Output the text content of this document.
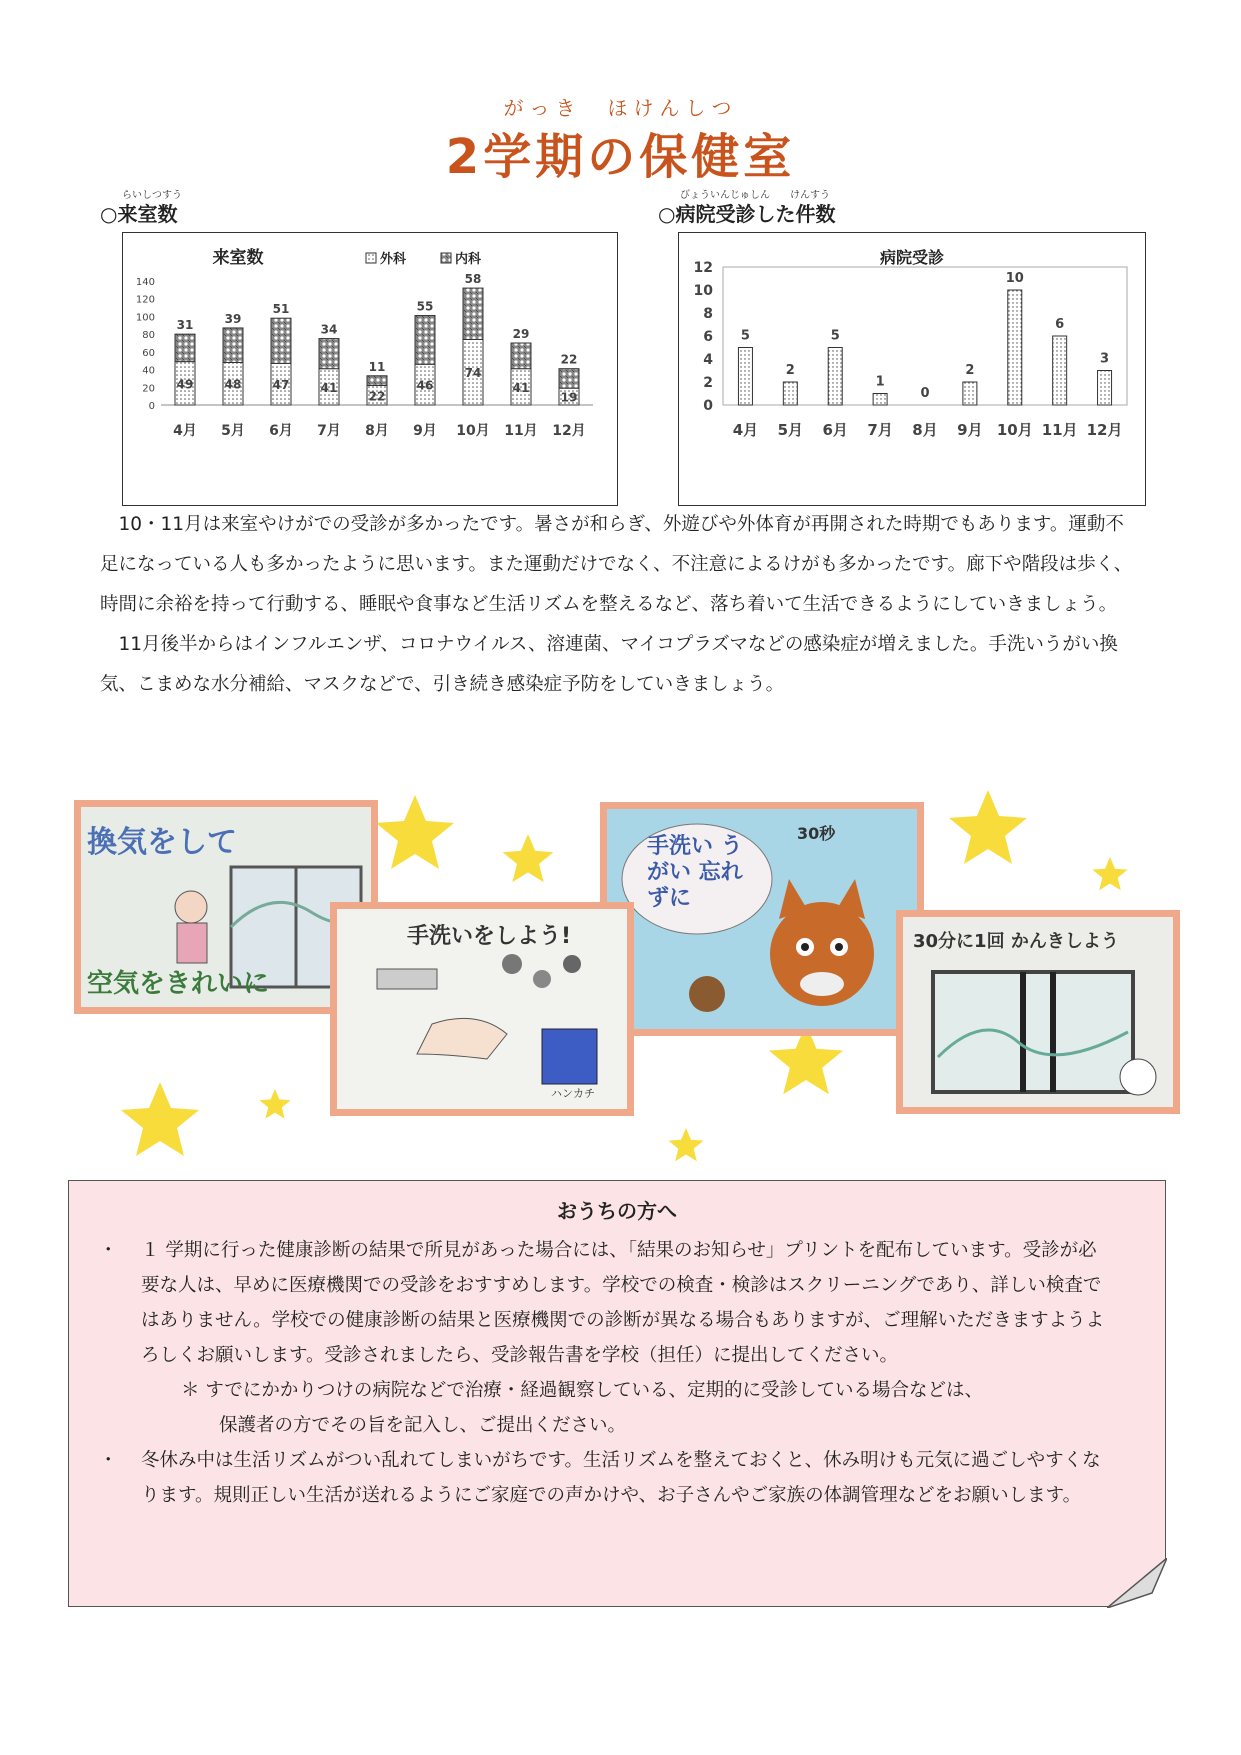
がっき　ほけんしつ
2学期の保健室
らいしつすう
○来室数
びょういんじゅしん　　けんすう
○病院受診した件数
来室数	外科	内科
0
20
40
60
80
100
120
140
49
31
4月
48
39
5月
47
51
6月
41
34
7月
22
11
8月
46
55
9月
74
58
10月
41
29
11月
19
22
12月
病院受診
0
2
4
6
8
10
12
5
4月
2
5月
5
6月
1
7月
0
8月
2
9月
10
10月
6
11月
3
12月

10・11月は来室やけがでの受診が多かったです。暑さが和らぎ、外遊びや外体育が再開された時期でもあります。運動不足になっている人も多かったように思います。また運動だけでなく、不注意によるけがも多かったです。廊下や階段は歩く、時間に余裕を持って行動する、睡眠や食事など生活リズムを整えるなど、落ち着いて生活できるようにしていきましょう。

11月後半からはインフルエンザ、コロナウイルス、溶連菌、マイコプラズマなどの感染症が増えました。手洗いうがい換気、こまめな水分補給、マスクなどで、引き続き感染症予防をしていきましょう。

換気をして
空気をきれいに
手洗い うがい 忘れずに
30秒
手洗いをしよう!
ハンカチ
30分に1回 かんきしよう
おうちの方へ
・ １ 学期に行った健康診断の結果で所見があった場合には、「結果のお知らせ」プリントを配布しています。受診が必要な人は、早めに医療機関での受診をおすすめします。学校での検査・検診はスクリーニングであり、詳しい検査ではありません。学校での健康診断の結果と医療機関での診断が異なる場合もありますが、ご理解いただきますようよろしくお願いします。受診されましたら、受診報告書を学校（担任）に提出してください。
＊ すでにかかりつけの病院などで治療・経過観察している、定期的に受診している場合などは、
保護者の方でその旨を記入し、ご提出ください。
・ 冬休み中は生活リズムがつい乱れてしまいがちです。生活リズムを整えておくと、休み明けも元気に過ごしやすくなります。規則正しい生活が送れるようにご家庭での声かけや、お子さんやご家族の体調管理などをお願いします。
